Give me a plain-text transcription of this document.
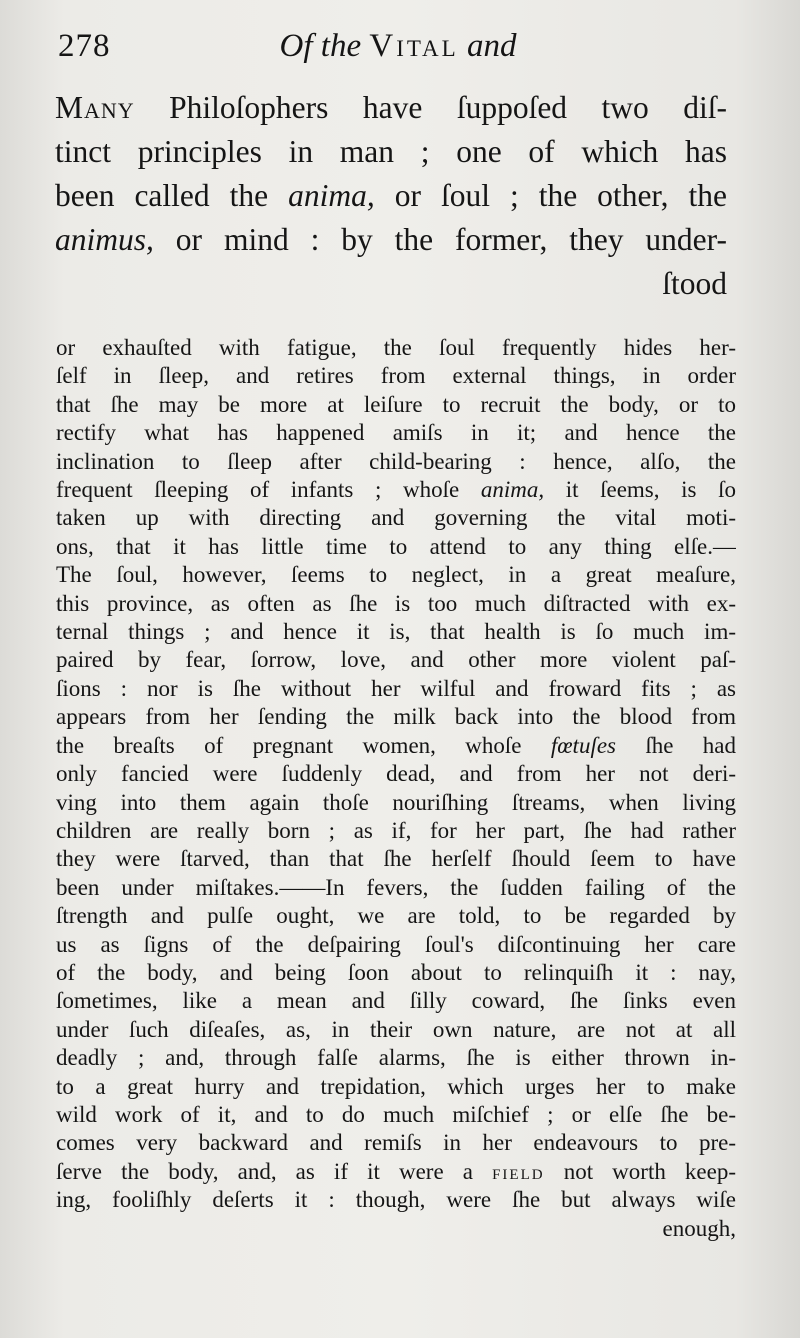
278	Of the Vital and
Many Philoſophers have ſuppoſed two diſ-
tinct principles in man ; one of which has
been called the anima, or ſoul ; the other, the
animus, or mind : by the former, they under-
ſtood
or exhauſted with fatigue, the ſoul frequently hides her-
ſelf in ſleep, and retires from external things, in order
that ſhe may be more at leiſure to recruit the body, or to
rectify what has happened amiſs in it; and hence the
inclination to ſleep after child-bearing : hence, alſo, the
frequent ſleeping of infants ; whoſe anima, it ſeems, is ſo
taken up with directing and governing the vital moti-
ons, that it has little time to attend to any thing elſe.—
The ſoul, however, ſeems to neglect, in a great meaſure,
this province, as often as ſhe is too much diſtracted with ex-
ternal things ; and hence it is, that health is ſo much im-
paired by fear, ſorrow, love, and other more violent paſ-
ſions : nor is ſhe without her wilful and froward fits ; as
appears from her ſending the milk back into the blood from
the breaſts of pregnant women, whoſe fœtuſes ſhe had
only fancied were ſuddenly dead, and from her not deri-
ving into them again thoſe nouriſhing ſtreams, when living
children are really born ; as if, for her part, ſhe had rather
they were ſtarved, than that ſhe herſelf ſhould ſeem to have
been under miſtakes.——In fevers, the ſudden failing of the
ſtrength and pulſe ought, we are told, to be regarded by
us as ſigns of the deſpairing ſoul's diſcontinuing her care
of the body, and being ſoon about to relinquiſh it : nay,
ſometimes, like a mean and ſilly coward, ſhe ſinks even
under ſuch diſeaſes, as, in their own nature, are not at all
deadly ; and, through falſe alarms, ſhe is either thrown in-
to a great hurry and trepidation, which urges her to make
wild work of it, and to do much miſchief ; or elſe ſhe be-
comes very backward and remiſs in her endeavours to pre-
ſerve the body, and, as if it were a field not worth keep-
ing, fooliſhly deſerts it : though, were ſhe but always wiſe
enough,
